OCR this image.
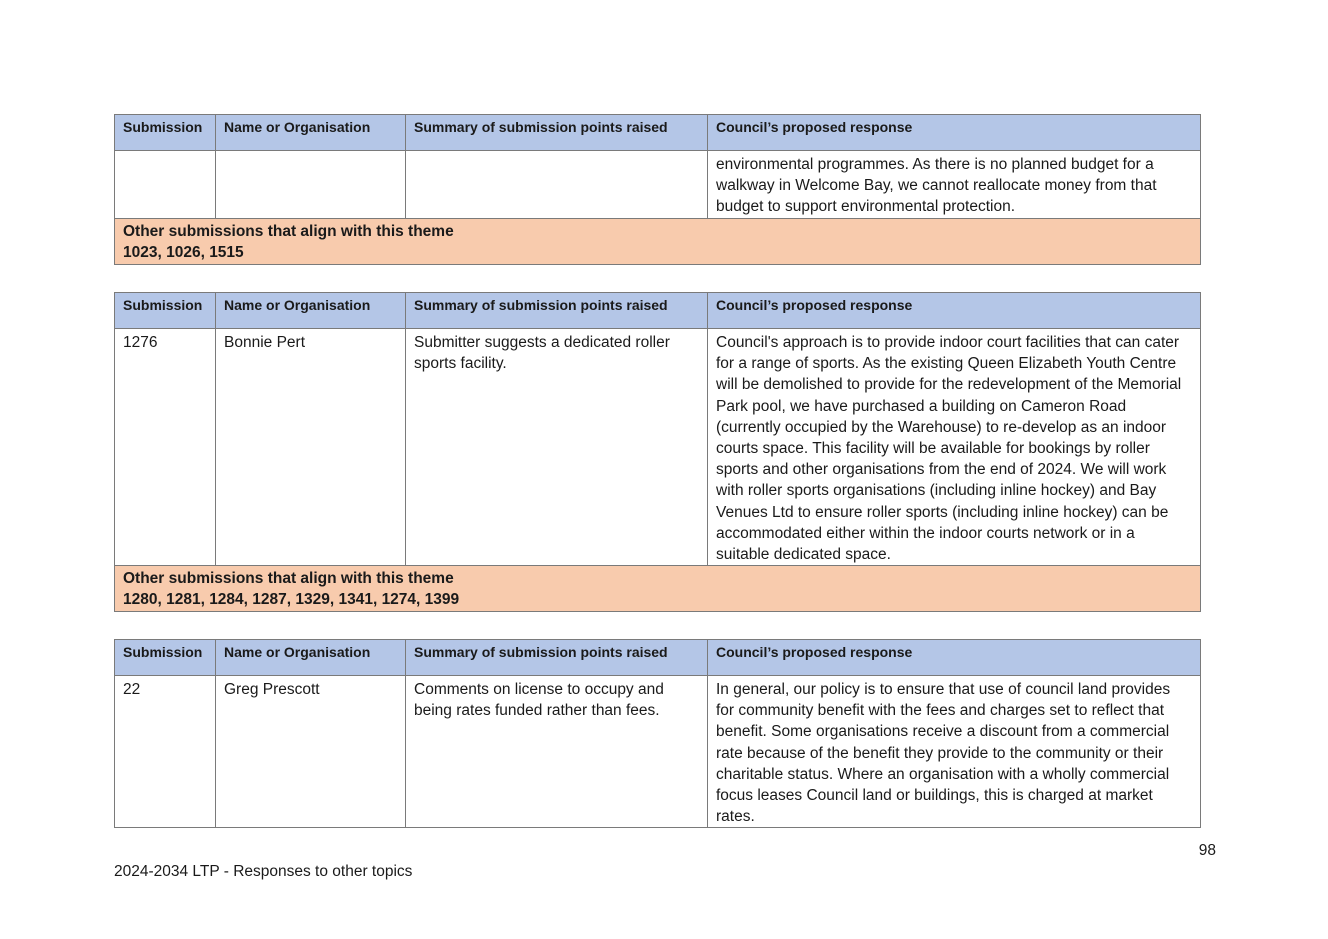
Submission	Name or Organisation	Summary of submission points raised	Council’s proposed response
			environmental programmes. As there is no planned budget for a walkway in Welcome Bay, we cannot reallocate money from that budget to support environmental protection.

Other submissions that align with this theme
1023, 1026, 1515			
Submission	Name or Organisation	Summary of submission points raised	Council’s proposed response
1276	Bonnie Pert	Submitter suggests a dedicated roller sports facility.	Council's approach is to provide indoor court facilities that can cater for a range of sports. As the existing Queen Elizabeth Youth Centre will be demolished to provide for the redevelopment of the Memorial Park pool, we have purchased a building on Cameron Road (currently occupied by the Warehouse) to re-develop as an indoor courts space. This facility will be available for bookings by roller sports and other organisations from the end of 2024. We will work with roller sports organisations (including inline hockey) and Bay Venues Ltd to ensure roller sports (including inline hockey) can be accommodated either within the indoor courts network or in a suitable dedicated space.

Other submissions that align with this theme
1280, 1281, 1284, 1287, 1329, 1341, 1274, 1399			
Submission	Name or Organisation	Summary of submission points raised	Council’s proposed response
22	Greg Prescott	Comments on license to occupy and being rates funded rather than fees.	In general, our policy is to ensure that use of council land provides for community benefit with the fees and charges set to reflect that benefit. Some organisations receive a discount from a commercial rate because of the benefit they provide to the community or their charitable status. Where an organisation with a wholly commercial focus leases Council land or buildings, this is charged at market rates.
98
2024-2034 LTP - Responses to other topics
